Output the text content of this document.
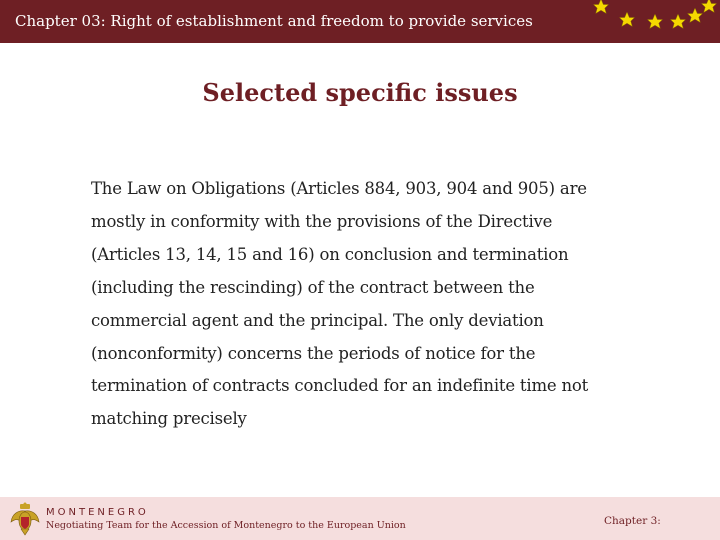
Chapter 03: Right of establishment and freedom to provide services
Selected specific issues
The Law on Obligations (Articles 884, 903, 904 and 905) are
mostly in conformity with the provisions of the Directive
(Articles 13, 14, 15 and 16) on conclusion and termination
(including the rescinding) of the contract between the
commercial agent and the principal. The only deviation
(nonconformity) concerns the periods of notice for the
termination of contracts concluded for an indefinite time not
matching precisely
MONTENEGRO
Negotiating Team for the Accession of Montenegro to the European Union	Chapter 3:
